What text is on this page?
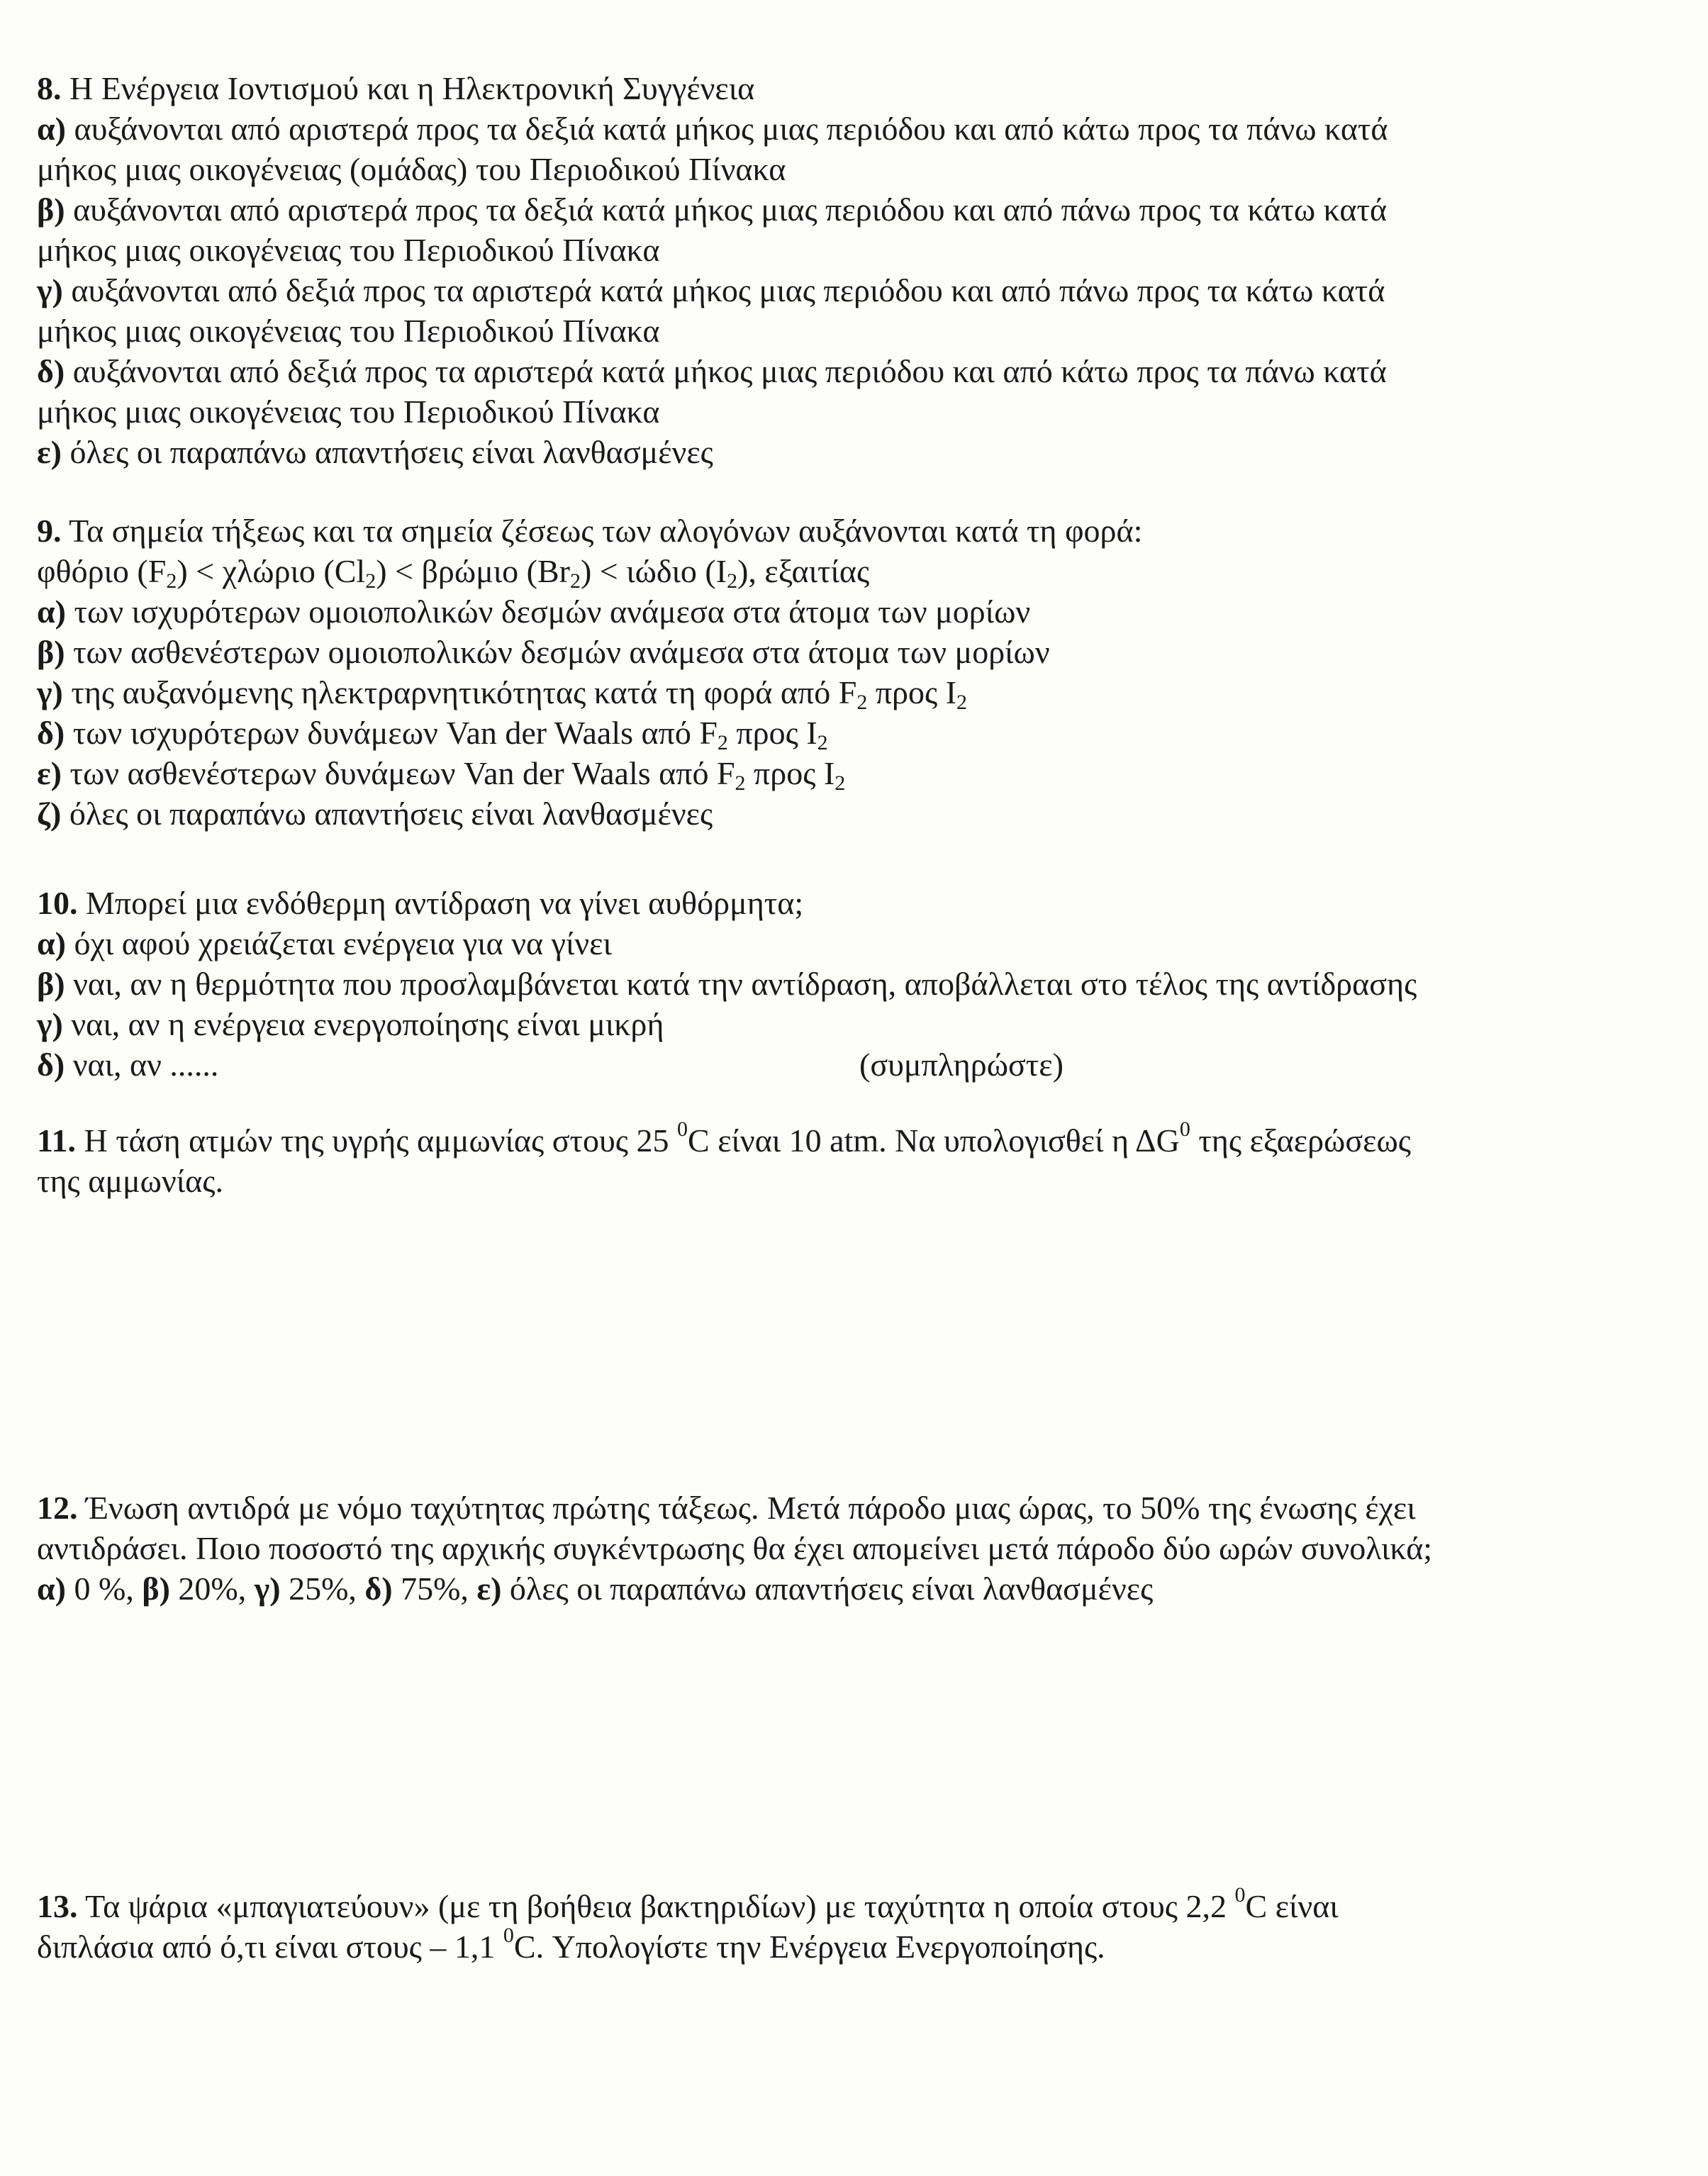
8. Η Ενέργεια Ιοντισμού και η Ηλεκτρονική Συγγένεια
α) αυξάνονται από αριστερά προς τα δεξιά κατά μήκος μιας περιόδου και από κάτω προς τα πάνω κατά
μήκος μιας οικογένειας (ομάδας) του Περιοδικού Πίνακα
β) αυξάνονται από αριστερά προς τα δεξιά κατά μήκος μιας περιόδου και από πάνω προς τα κάτω κατά
μήκος μιας οικογένειας του Περιοδικού Πίνακα
γ) αυξάνονται από δεξιά προς τα αριστερά κατά μήκος μιας περιόδου και από πάνω προς τα κάτω κατά
μήκος μιας οικογένειας του Περιοδικού Πίνακα
δ) αυξάνονται από δεξιά προς τα αριστερά κατά μήκος μιας περιόδου και από κάτω προς τα πάνω κατά
μήκος μιας οικογένειας του Περιοδικού Πίνακα
ε) όλες οι παραπάνω απαντήσεις είναι λανθασμένες
9. Τα σημεία τήξεως και τα σημεία ζέσεως των αλογόνων αυξάνονται κατά τη φορά:
φθόριο $(F_2) < \chi\lambda ώ\rho\iota o$ $(Cl_2) < \beta\rho ώ\mu\iota o$ $(Br_2) < \iota ώ\delta\iota o$ $(I_2)$, εξαιτίας
α) των ισχυρότερων ομοιοπολικών δεσμών ανάμεσα στα άτομα των μορίων
β) των ασθενέστερων ομοιοπολικών δεσμών ανάμεσα στα άτομα των μορίων
γ) της αυξανόμενης ηλεκτραρνητικότητας κατά τη φορά από $F_2$ προς $I_2$
δ) των ισχυρότερων δυνάμεων Van der Waals από $F_2$ προς $I_2$
ε) των ασθενέστερων δυνάμεων Van der Waals από $F_2$ προς $I_2$
ζ) όλες οι παραπάνω απαντήσεις είναι λανθασμένες
10. Μπορεί μια ενδόθερμη αντίδραση να γίνει αυθόρμητα;
α) όχι αφού χρειάζεται ενέργεια για να γίνει
β) ναι, αν η θερμότητα που προσλαμβάνεται κατά την αντίδραση, αποβάλλεται στο τέλος της αντίδρασης
γ) ναι, αν η ενέργεια ενεργοποίησης είναι μικρή
δ) ναι, αν ......	(συμπληρώστε)
11. Η τάση ατμών της υγρής αμμωνίας στους 25 $^0$C είναι 10 atm. Να υπολογισθεί η $\Delta G^0$ της εξαερώσεως
της αμμωνίας.
12. Ένωση αντιδρά με νόμο ταχύτητας πρώτης τάξεως. Μετά πάροδο μιας ώρας, το 50% της ένωσης έχει
αντιδράσει. Ποιο ποσοστό της αρχικής συγκέντρωσης θα έχει απομείνει μετά πάροδο δύο ωρών συνολικά;
α) 0 %, β) 20%, γ) 25%, δ) 75%, ε) όλες οι παραπάνω απαντήσεις είναι λανθασμένες
13. Τα ψάρια «μπαγιατεύουν» (με τη βοήθεια βακτηριδίων) με ταχύτητα η οποία στους 2,2 $^0$C είναι
διπλάσια από ό,τι είναι στους – 1,1 $^0$C. Υπολογίστε την Ενέργεια Ενεργοποίησης.
